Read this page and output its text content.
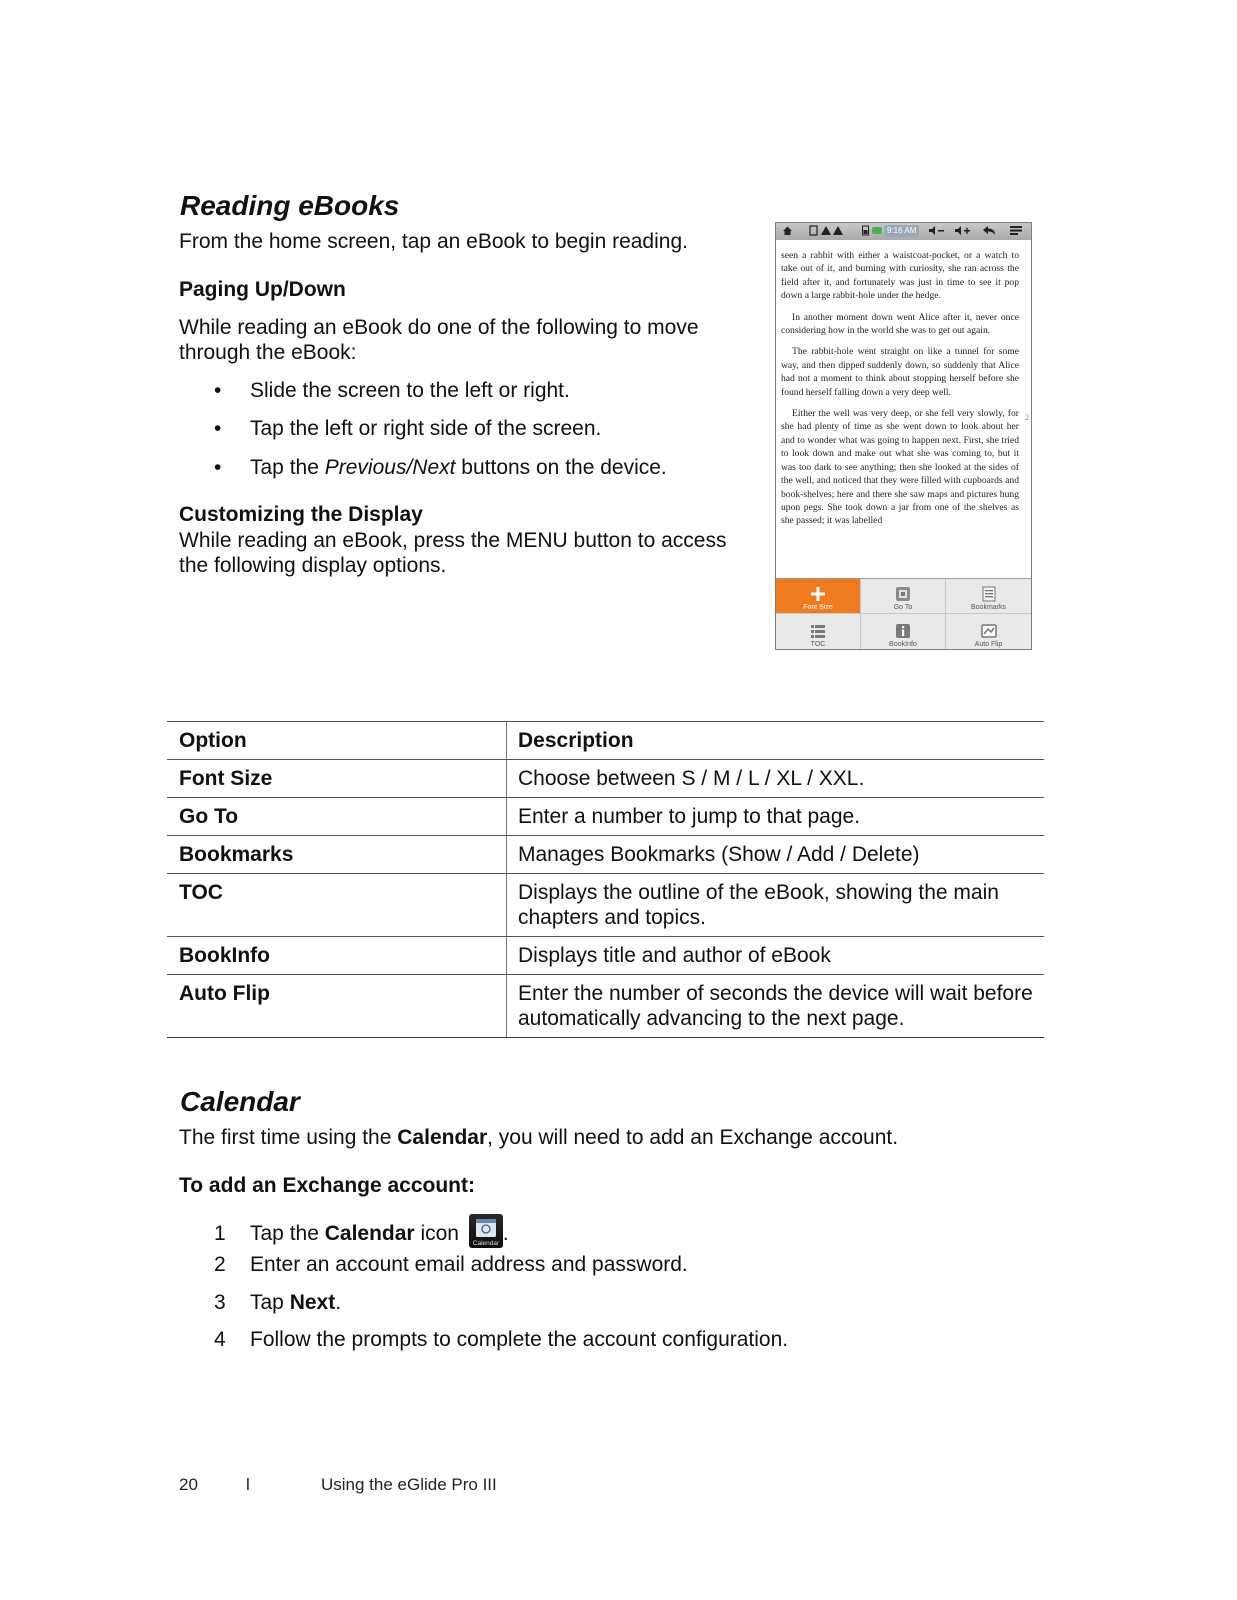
Reading eBooks
From the home screen, tap an eBook to begin reading.
Paging Up/Down
While reading an eBook do one of the following to move through the eBook:
• Slide the screen to the left or right.
• Tap the left or right side of the screen.
• Tap the Previous/Next buttons on the device.
Customizing the Display
While reading an eBook, press the MENU button to access the following display options.
9:16 AM

seen a rabbit with either a waistcoat-pocket, or a watch to take out of it, and burning with curiosity, she ran across the field after it, and fortunately was just in time to see it pop down a large rabbit-hole under the hedge.

In another moment down went Alice after it, never once considering how in the world she was to get out again.

The rabbit-hole went straight on like a tunnel for some way, and then dipped suddenly down, so suddenly that Alice had not a moment to think about stopping herself before she found herself falling down a very deep well.

Either the well was very deep, or she fell very slowly, for she had plenty of time as she went down to look about her and to wonder what was going to happen next. First, she tried to look down and make out what she was coming to, but it was too dark to see anything; then she looked at the sides of the well, and noticed that they were filled with cupboards and book-shelves; here and there she saw maps and pictures hung upon pegs. She took down a jar from one of the shelves as she passed; it was labelled

2
Font Size	Go To	Bookmarks
TOC	BookInfo	Auto Flip
Option	Description
Font Size	Choose between S / M / L / XL / XXL.
Go To	Enter a number to jump to that page.
Bookmarks	Manages Bookmarks (Show / Add / Delete)
TOC	Displays the outline of the eBook, showing the main chapters and topics.
BookInfo	Displays title and author of eBook
Auto Flip	Enter the number of seconds the device will wait before automatically advancing to the next page.
Calendar
The first time using the Calendar, you will need to add an Exchange account.
To add an Exchange account:
1 Tap the Calendar icon Calendar .
2 Enter an account email address and password.
3 Tap Next.
4 Follow the prompts to complete the account configuration.
20	l	Using the eGlide Pro III
